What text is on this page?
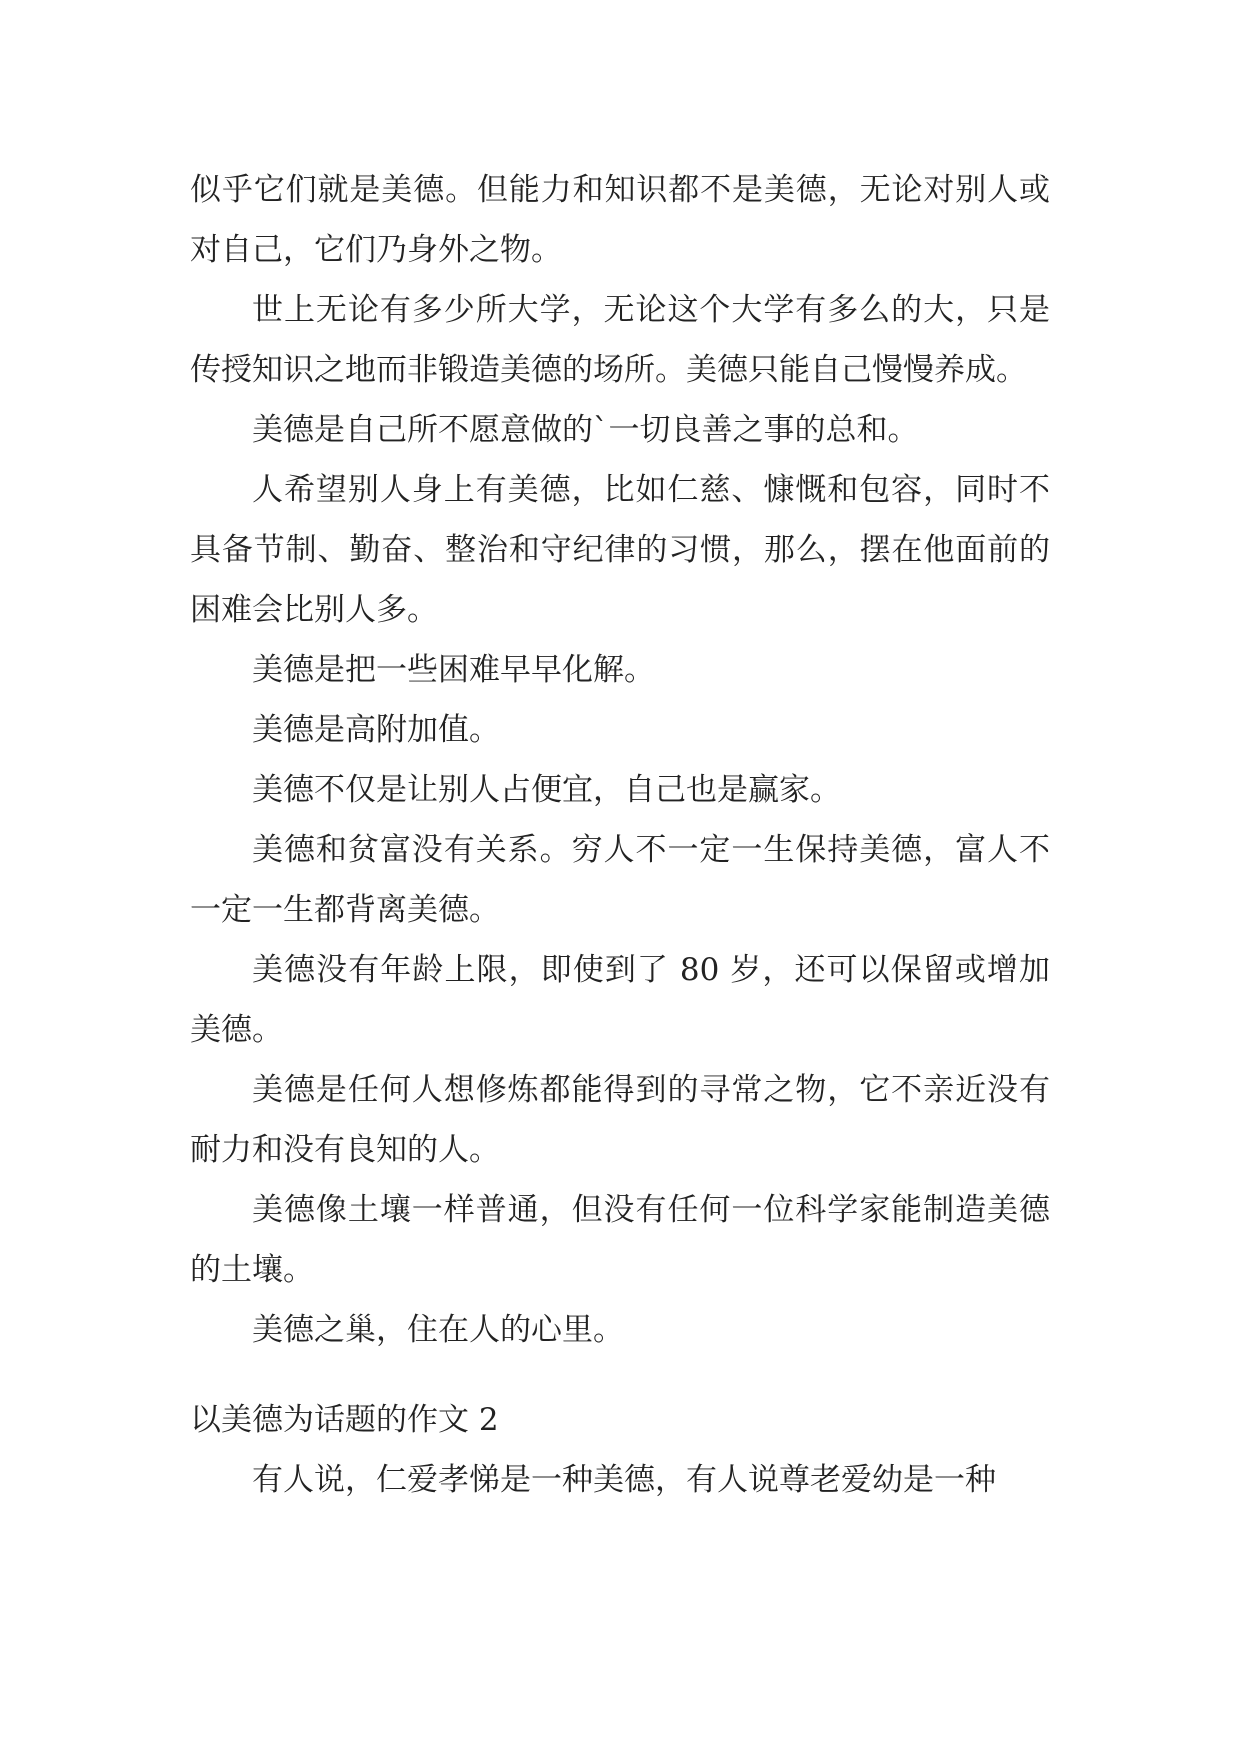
似乎它们就是美德。但能力和知识都不是美德，无论对别人或对自己，它们乃身外之物。

世上无论有多少所大学，无论这个大学有多么的大，只是传授知识之地而非锻造美德的场所。美德只能自己慢慢养成。

美德是自己所不愿意做的`一切良善之事的总和。

人希望别人身上有美德，比如仁慈、慷慨和包容，同时不具备节制、勤奋、整治和守纪律的习惯，那么，摆在他面前的困难会比别人多。

美德是把一些困难早早化解。

美德是高附加值。

美德不仅是让别人占便宜，自己也是赢家。

美德和贫富没有关系。穷人不一定一生保持美德，富人不一定一生都背离美德。

美德没有年龄上限，即使到了 80 岁，还可以保留或增加美德。

美德是任何人想修炼都能得到的寻常之物，它不亲近没有耐力和没有良知的人。

美德像土壤一样普通，但没有任何一位科学家能制造美德的土壤。

美德之巢，住在人的心里。

以美德为话题的作文 2

有人说，仁爱孝悌是一种美德，有人说尊老爱幼是一种
